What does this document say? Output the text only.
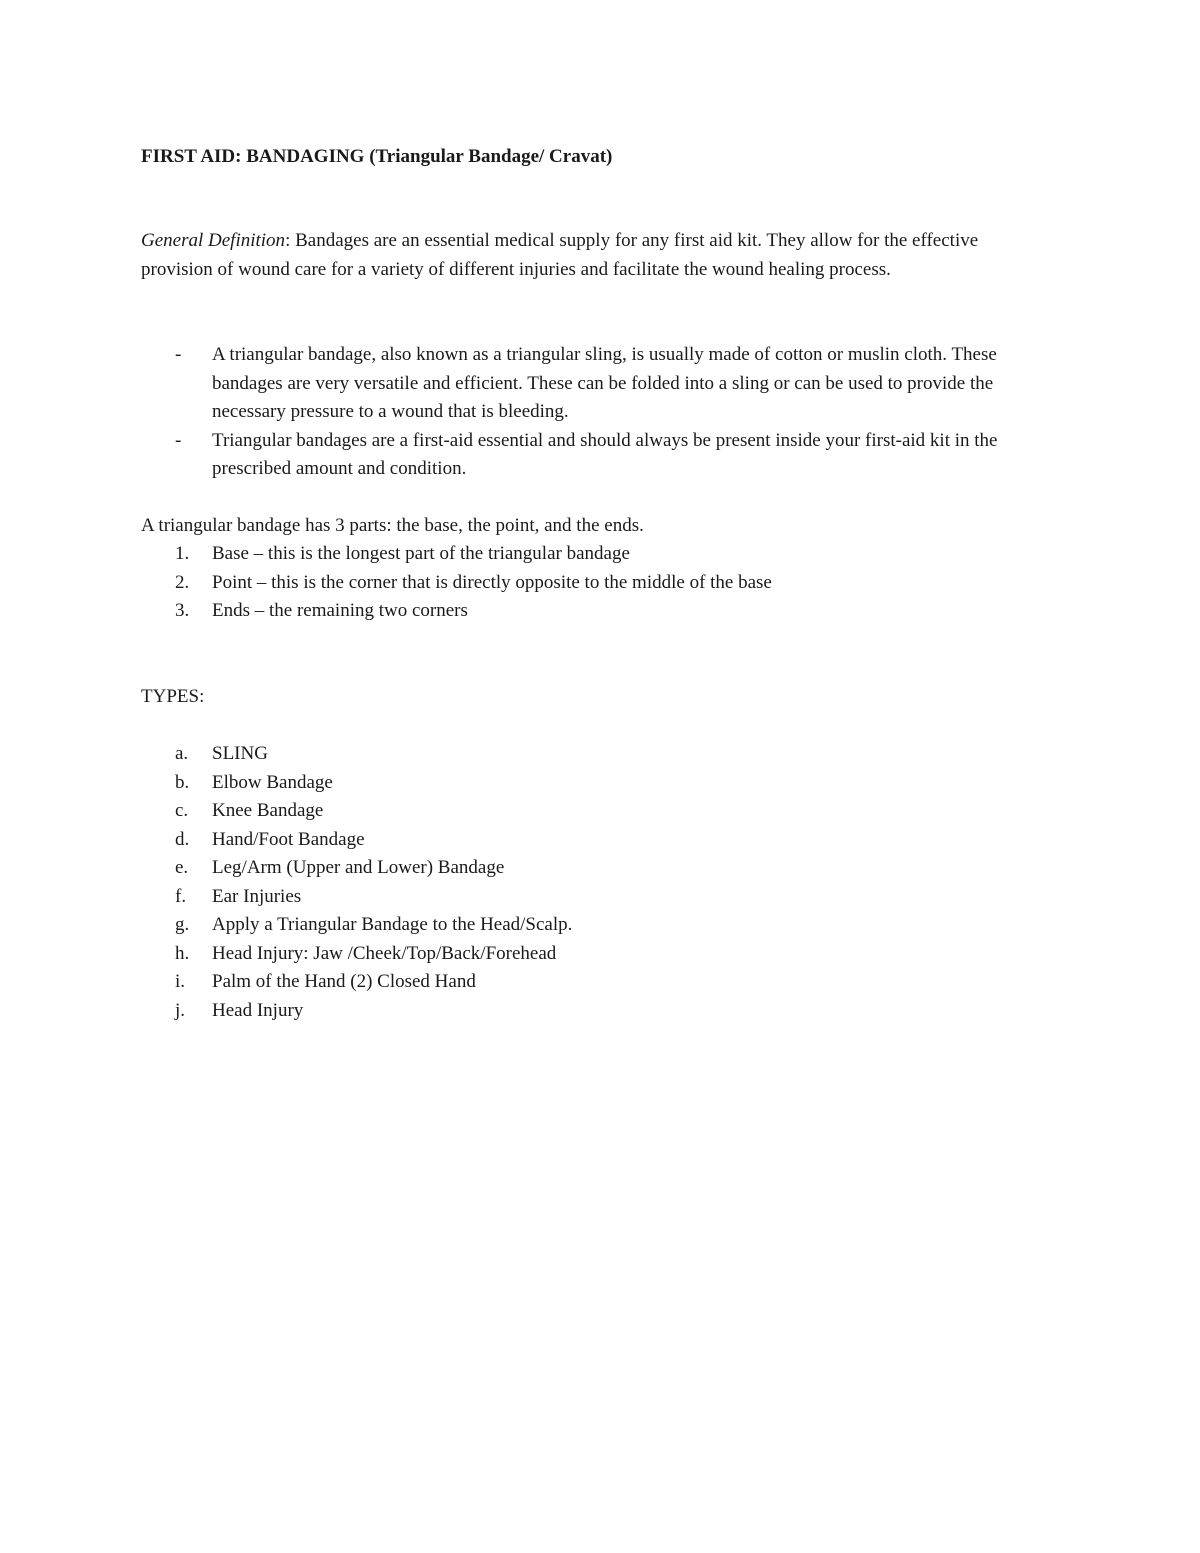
FIRST AID: BANDAGING (Triangular Bandage/ Cravat)

General Definition: Bandages are an essential medical supply for any first aid kit. They allow for the effective provision of wound care for a variety of different injuries and facilitate the wound healing process.

- A triangular bandage, also known as a triangular sling, is usually made of cotton or muslin cloth. These bandages are very versatile and efficient. These can be folded into a sling or can be used to provide the necessary pressure to a wound that is bleeding.
- Triangular bandages are a first-aid essential and should always be present inside your first-aid kit in the prescribed amount and condition.
A triangular bandage has 3 parts: the base, the point, and the ends.
1. Base – this is the longest part of the triangular bandage
2. Point – this is the corner that is directly opposite to the middle of the base
3. Ends – the remaining two corners
TYPES:
a. SLING
b. Elbow Bandage
c. Knee Bandage
d. Hand/Foot Bandage
e. Leg/Arm (Upper and Lower) Bandage
f. Ear Injuries
g. Apply a Triangular Bandage to the Head/Scalp.
h. Head Injury: Jaw /Cheek/Top/Back/Forehead
i. Palm of the Hand (2) Closed Hand
j. Head Injury
